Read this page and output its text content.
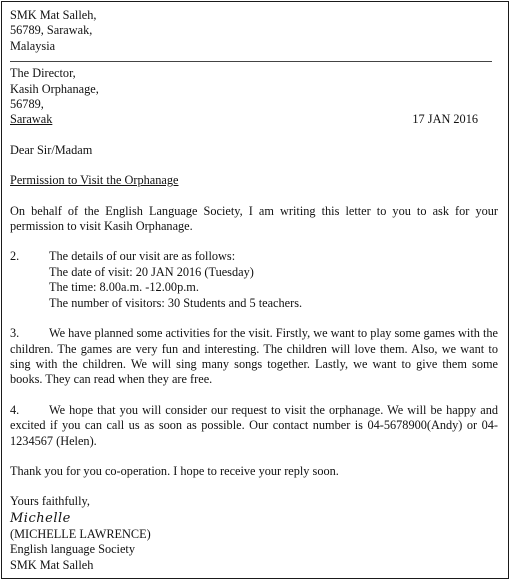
SMK Mat Salleh,
56789, Sarawak,
Malaysia
The Director,
Kasih Orphanage,
56789,
Sarawak	17 JAN 2016
Dear Sir/Madam
Permission to Visit the Orphanage
On behalf of the English Language Society, I am writing this letter to you to ask for your permission to visit Kasih Orphanage.
2.	The details of our visit are as follows:
The date of visit: 20 JAN 2016 (Tuesday)
The time: 8.00a.m. -12.00p.m.
The number of visitors: 30 Students and 5 teachers.
3. We have planned some activities for the visit. Firstly, we want to play some games with the children. The games are very fun and interesting. The children will love them. Also, we want to sing with the children. We will sing many songs together. Lastly, we want to give them some books. They can read when they are free.
4. We hope that you will consider our request to visit the orphanage. We will be happy and excited if you can call us as soon as possible. Our contact number is 04-5678900(Andy) or 04-1234567 (Helen).
Thank you for you co-operation. I hope to receive your reply soon.
Yours faithfully,
Michelle
(MICHELLE LAWRENCE)
English language Society
SMK Mat Salleh
